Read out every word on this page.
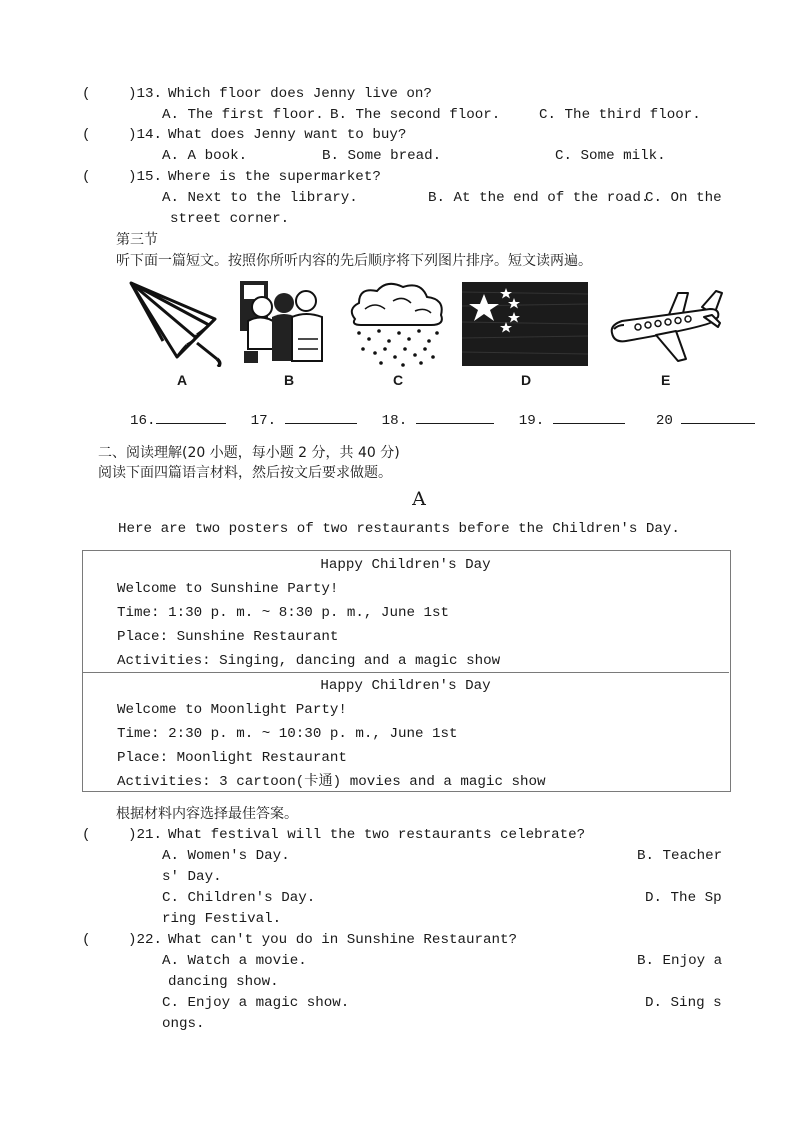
(	)13. Which floor does Jenny live on?
A. The first floor. B. The second floor.	C. The third floor.
(	)14. What does Jenny want to buy?
A. A book.	B. Some bread.	C. Some milk.
(	)15. Where is the supermarket?
A. Next to the library.	B. At the end of the road.
C. On the
street corner.
第三节
听下面一篇短文。按照你所听内容的先后顺序将下列图片排序。短文读两遍。
A	B	C	D	E
16.	17.	18.	19.	20
二、阅读理解(20 小题，每小题 2 分，共 40 分)
阅读下面四篇语言材料，然后按文后要求做题。
A
Here are two posters of two restaurants before the Children's Day.
Happy Children's Day
Welcome to Sunshine Party!
Time: 1:30 p. m. ~ 8:30 p. m., June 1st
Place: Sunshine Restaurant
Activities: Singing, dancing and a magic show
Happy Children's Day
Welcome to Moonlight Party!
Time: 2:30 p. m. ~ 10:30 p. m., June 1st
Place: Moonlight Restaurant
Activities: 3 cartoon(卡通) movies and a magic show
根据材料内容选择最佳答案。
(	)21. What festival will the two restaurants celebrate?
A. Women's Day.	B. Teacher
s' Day.
C. Children's Day.	D. The Sp
ring Festival.
(	)22. What can't you do in Sunshine Restaurant?
A. Watch a movie.	B. Enjoy a
dancing show.
C. Enjoy a magic show.	D. Sing s
ongs.
